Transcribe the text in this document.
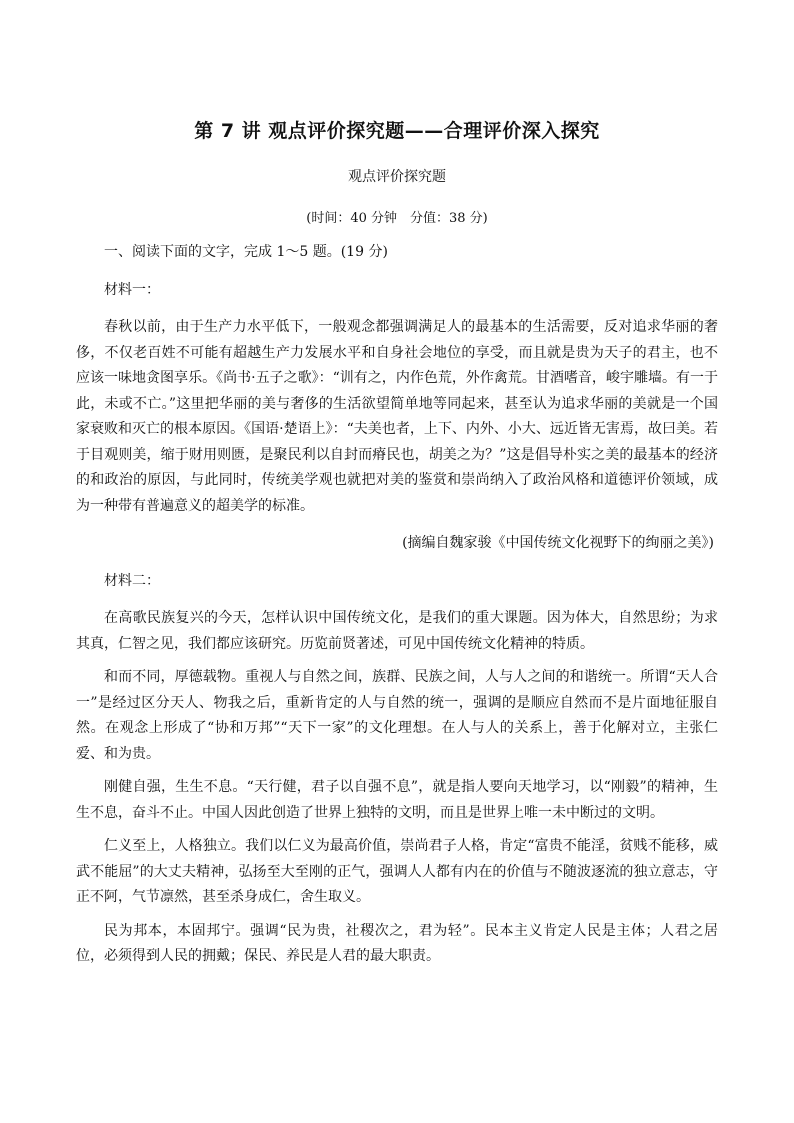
第 7 讲 观点评价探究题——合理评价深入探究
观点评价探究题
(时间：40 分钟　分值：38 分)

一、阅读下面的文字，完成 1～5 题。(19 分)

材料一：

春秋以前，由于生产力水平低下，一般观念都强调满足人的最基本的生活需要，反对追求华丽的奢侈，不仅老百姓不可能有超越生产力发展水平和自身社会地位的享受，而且就是贵为天子的君主，也不应该一味地贪图享乐。《尚书·五子之歌》：“训有之，内作色荒，外作禽荒。甘酒嗜音，峻宇雕墙。有一于此，未或不亡。”这里把华丽的美与奢侈的生活欲望简单地等同起来，甚至认为追求华丽的美就是一个国家衰败和灭亡的根本原因。《国语·楚语上》：“夫美也者，上下、内外、小大、远近皆无害焉，故曰美。若于目观则美，缩于财用则匮，是聚民利以自封而瘠民也，胡美之为？”这是倡导朴实之美的最基本的经济的和政治的原因，与此同时，传统美学观也就把对美的鉴赏和崇尚纳入了政治风格和道德评价领域，成为一种带有普遍意义的超美学的标准。

(摘编自魏家骏《中国传统文化视野下的绚丽之美》)

材料二：

在高歌民族复兴的今天，怎样认识中国传统文化，是我们的重大课题。因为体大，自然思纷；为求其真，仁智之见，我们都应该研究。历览前贤著述，可见中国传统文化精神的特质。

和而不同，厚德载物。重视人与自然之间，族群、民族之间，人与人之间的和谐统一。所谓“天人合一”是经过区分天人、物我之后，重新肯定的人与自然的统一，强调的是顺应自然而不是片面地征服自然。在观念上形成了“协和万邦”“天下一家”的文化理想。在人与人的关系上，善于化解对立，主张仁爱、和为贵。

刚健自强，生生不息。“天行健，君子以自强不息”，就是指人要向天地学习，以“刚毅”的精神，生生不息，奋斗不止。中国人因此创造了世界上独特的文明，而且是世界上唯一未中断过的文明。

仁义至上，人格独立。我们以仁义为最高价值，崇尚君子人格，肯定“富贵不能淫，贫贱不能移，威武不能屈”的大丈夫精神，弘扬至大至刚的正气，强调人人都有内在的价值与不随波逐流的独立意志，守正不阿，气节凛然，甚至杀身成仁，舍生取义。

民为邦本，本固邦宁。强调“民为贵，社稷次之，君为轻”。民本主义肯定人民是主体；人君之居位，必须得到人民的拥戴；保民、养民是人君的最大职责。
